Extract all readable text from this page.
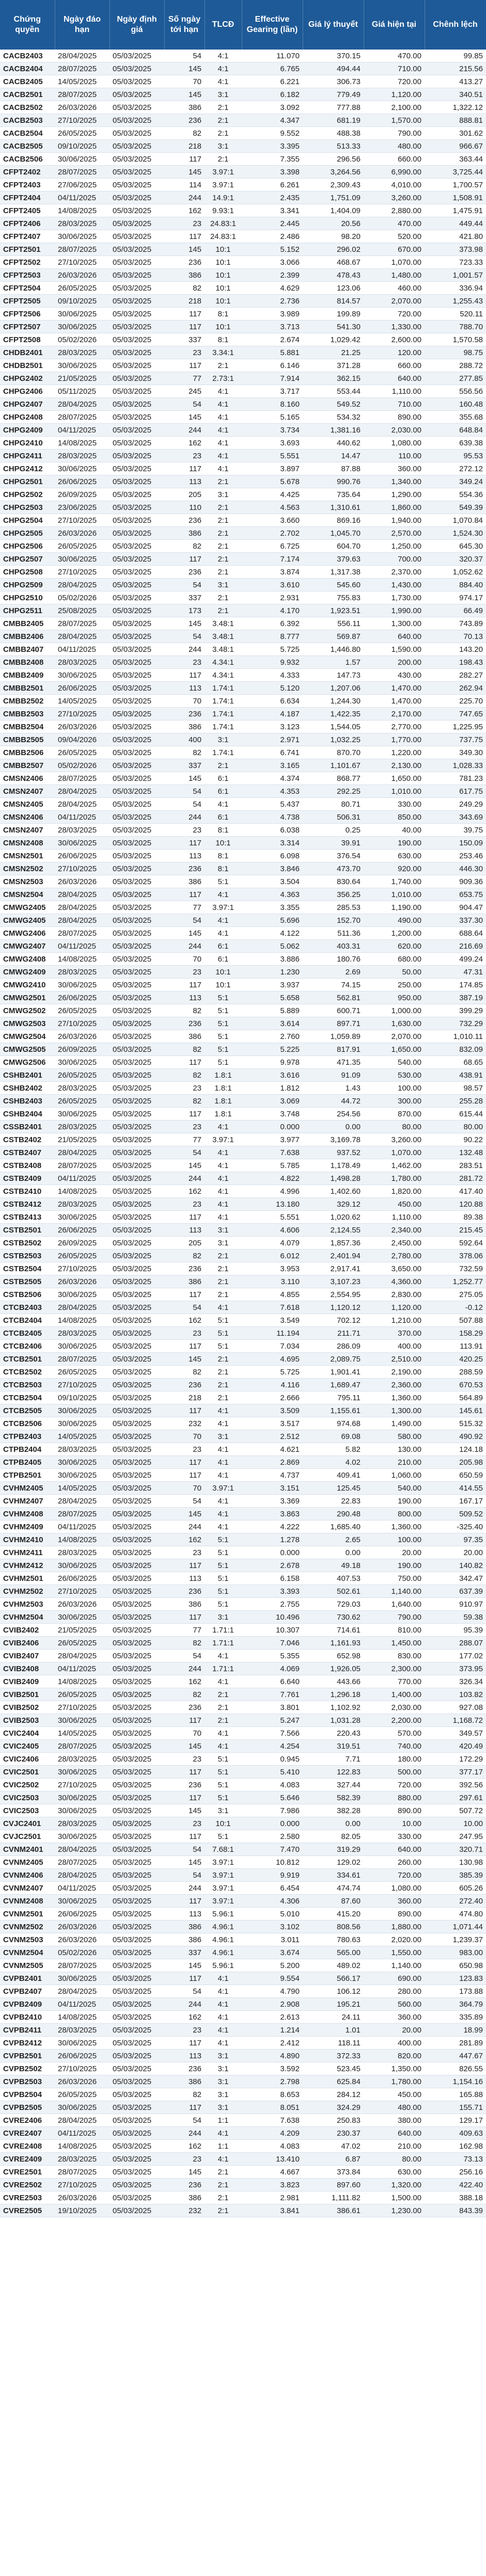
Chứng quyền	Ngày đáo hạn	Ngày định giá	Số ngày tới hạn	TLCĐ	Effective Gearing (lần)	Giá lý thuyết	Giá hiện tại	Chênh lệch
CACB2403	28/04/2025	05/03/2025	54	4:1	11.070	370.15	470.00	99.85
CACB2404	28/07/2025	05/03/2025	145	4:1	6.765	494.44	710.00	215.56
CACB2405	14/05/2025	05/03/2025	70	4:1	6.221	306.73	720.00	413.27
CACB2501	28/07/2025	05/03/2025	145	3:1	6.182	779.49	1,120.00	340.51
CACB2502	26/03/2026	05/03/2025	386	2:1	3.092	777.88	2,100.00	1,322.12
CACB2503	27/10/2025	05/03/2025	236	2:1	4.347	681.19	1,570.00	888.81
CACB2504	26/05/2025	05/03/2025	82	2:1	9.552	488.38	790.00	301.62
CACB2505	09/10/2025	05/03/2025	218	3:1	3.395	513.33	480.00	966.67
CACB2506	30/06/2025	05/03/2025	117	2:1	7.355	296.56	660.00	363.44
CFPT2402	28/07/2025	05/03/2025	145	3.97:1	3.398	3,264.56	6,990.00	3,725.44
CFPT2403	27/06/2025	05/03/2025	114	3.97:1	6.261	2,309.43	4,010.00	1,700.57
CFPT2404	04/11/2025	05/03/2025	244	14.9:1	2.435	1,751.09	3,260.00	1,508.91
CFPT2405	14/08/2025	05/03/2025	162	9.93:1	3.341	1,404.09	2,880.00	1,475.91
CFPT2406	28/03/2025	05/03/2025	23	24.83:1	2.445	20.56	470.00	449.44
CFPT2407	30/06/2025	05/03/2025	117	24.83:1	2.486	98.20	520.00	421.80
CFPT2501	28/07/2025	05/03/2025	145	10:1	5.152	296.02	670.00	373.98
CFPT2502	27/10/2025	05/03/2025	236	10:1	3.066	468.67	1,070.00	723.33
CFPT2503	26/03/2026	05/03/2025	386	10:1	2.399	478.43	1,480.00	1,001.57
CFPT2504	26/05/2025	05/03/2025	82	10:1	4.629	123.06	460.00	336.94
CFPT2505	09/10/2025	05/03/2025	218	10:1	2.736	814.57	2,070.00	1,255.43
CFPT2506	30/06/2025	05/03/2025	117	8:1	3.989	199.89	720.00	520.11
CFPT2507	30/06/2025	05/03/2025	117	10:1	3.713	541.30	1,330.00	788.70
CFPT2508	05/02/2026	05/03/2025	337	8:1	2.674	1,029.42	2,600.00	1,570.58
CHDB2401	28/03/2025	05/03/2025	23	3.34:1	5.881	21.25	120.00	98.75
CHDB2501	30/06/2025	05/03/2025	117	2:1	6.146	371.28	660.00	288.72
CHPG2402	21/05/2025	05/03/2025	77	2.73:1	7.914	362.15	640.00	277.85
CHPG2406	05/11/2025	05/03/2025	245	4:1	3.717	553.44	1,110.00	556.56
CHPG2407	28/04/2025	05/03/2025	54	4:1	8.160	549.52	710.00	160.48
CHPG2408	28/07/2025	05/03/2025	145	4:1	5.165	534.32	890.00	355.68
CHPG2409	04/11/2025	05/03/2025	244	4:1	3.734	1,381.16	2,030.00	648.84
CHPG2410	14/08/2025	05/03/2025	162	4:1	3.693	440.62	1,080.00	639.38
CHPG2411	28/03/2025	05/03/2025	23	4:1	5.551	14.47	110.00	95.53
CHPG2412	30/06/2025	05/03/2025	117	4:1	3.897	87.88	360.00	272.12
CHPG2501	26/06/2025	05/03/2025	113	2:1	5.678	990.76	1,340.00	349.24
CHPG2502	26/09/2025	05/03/2025	205	3:1	4.425	735.64	1,290.00	554.36
CHPG2503	23/06/2025	05/03/2025	110	2:1	4.563	1,310.61	1,860.00	549.39
CHPG2504	27/10/2025	05/03/2025	236	2:1	3.660	869.16	1,940.00	1,070.84
CHPG2505	26/03/2026	05/03/2025	386	2:1	2.702	1,045.70	2,570.00	1,524.30
CHPG2506	26/05/2025	05/03/2025	82	2:1	6.725	604.70	1,250.00	645.30
CHPG2507	30/06/2025	05/03/2025	117	2:1	7.174	379.63	700.00	320.37
CHPG2508	27/10/2025	05/03/2025	236	2:1	3.874	1,317.38	2,370.00	1,052.62
CHPG2509	28/04/2025	05/03/2025	54	3:1	3.610	545.60	1,430.00	884.40
CHPG2510	05/02/2026	05/03/2025	337	2:1	2.931	755.83	1,730.00	974.17
CHPG2511	25/08/2025	05/03/2025	173	2:1	4.170	1,923.51	1,990.00	66.49
CMBB2405	28/07/2025	05/03/2025	145	3.48:1	6.392	556.11	1,300.00	743.89
CMBB2406	28/04/2025	05/03/2025	54	3.48:1	8.777	569.87	640.00	70.13
CMBB2407	04/11/2025	05/03/2025	244	3.48:1	5.725	1,446.80	1,590.00	143.20
CMBB2408	28/03/2025	05/03/2025	23	4.34:1	9.932	1.57	200.00	198.43
CMBB2409	30/06/2025	05/03/2025	117	4.34:1	4.333	147.73	430.00	282.27
CMBB2501	26/06/2025	05/03/2025	113	1.74:1	5.120	1,207.06	1,470.00	262.94
CMBB2502	14/05/2025	05/03/2025	70	1.74:1	6.634	1,244.30	1,470.00	225.70
CMBB2503	27/10/2025	05/03/2025	236	1.74:1	4.187	1,422.35	2,170.00	747.65
CMBB2504	26/03/2026	05/03/2025	386	1.74:1	3.123	1,544.05	2,770.00	1,225.95
CMBB2505	09/04/2026	05/03/2025	400	3:1	2.971	1,032.25	1,770.00	737.75
CMBB2506	26/05/2025	05/03/2025	82	1.74:1	6.741	870.70	1,220.00	349.30
CMBB2507	05/02/2026	05/03/2025	337	2:1	3.165	1,101.67	2,130.00	1,028.33
CMSN2406	28/07/2025	05/03/2025	145	6:1	4.374	868.77	1,650.00	781.23
CMSN2407	28/04/2025	05/03/2025	54	6:1	4.353	292.25	1,010.00	617.75
CMSN2405	28/04/2025	05/03/2025	54	4:1	5.437	80.71	330.00	249.29
CMSN2406	04/11/2025	05/03/2025	244	6:1	4.738	506.31	850.00	343.69
CMSN2407	28/03/2025	05/03/2025	23	8:1	6.038	0.25	40.00	39.75
CMSN2408	30/06/2025	05/03/2025	117	10:1	3.314	39.91	190.00	150.09
CMSN2501	26/06/2025	05/03/2025	113	8:1	6.098	376.54	630.00	253.46
CMSN2502	27/10/2025	05/03/2025	236	8:1	3.846	473.70	920.00	446.30
CMSN2503	26/03/2026	05/03/2025	386	5:1	3.504	830.64	1,740.00	909.36
CMSN2504	28/04/2025	05/03/2025	117	4:1	4.363	356.25	1,010.00	653.75
CMWG2405	28/04/2025	05/03/2025	77	3.97:1	3.355	285.53	1,190.00	904.47
CMWG2405	28/04/2025	05/03/2025	54	4:1	5.696	152.70	490.00	337.30
CMWG2406	28/07/2025	05/03/2025	145	4:1	4.122	511.36	1,200.00	688.64
CMWG2407	04/11/2025	05/03/2025	244	6:1	5.062	403.31	620.00	216.69
CMWG2408	14/08/2025	05/03/2025	70	6:1	3.886	180.76	680.00	499.24
CMWG2409	28/03/2025	05/03/2025	23	10:1	1.230	2.69	50.00	47.31
CMWG2410	30/06/2025	05/03/2025	117	10:1	3.937	74.15	250.00	174.85
CMWG2501	26/06/2025	05/03/2025	113	5:1	5.658	562.81	950.00	387.19
CMWG2502	26/05/2025	05/03/2025	82	5:1	5.889	600.71	1,000.00	399.29
CMWG2503	27/10/2025	05/03/2025	236	5:1	3.614	897.71	1,630.00	732.29
CMWG2504	26/03/2026	05/03/2025	386	5:1	2.760	1,059.89	2,070.00	1,010.11
CMWG2505	26/09/2025	05/03/2025	82	5:1	5.225	817.91	1,650.00	832.09
CMWG2506	30/06/2025	05/03/2025	117	5:1	9.978	471.35	540.00	68.65
CSHB2401	26/05/2025	05/03/2025	82	1.8:1	3.616	91.09	530.00	438.91
CSHB2402	28/03/2025	05/03/2025	23	1.8:1	1.812	1.43	100.00	98.57
CSHB2403	26/05/2025	05/03/2025	82	1.8:1	3.069	44.72	300.00	255.28
CSHB2404	30/06/2025	05/03/2025	117	1.8:1	3.748	254.56	870.00	615.44
CSSB2401	28/03/2025	05/03/2025	23	4:1	0.000	0.00	80.00	80.00
CSTB2402	21/05/2025	05/03/2025	77	3.97:1	3.977	3,169.78	3,260.00	90.22
CSTB2407	28/04/2025	05/03/2025	54	4:1	7.638	937.52	1,070.00	132.48
CSTB2408	28/07/2025	05/03/2025	145	4:1	5.785	1,178.49	1,462.00	283.51
CSTB2409	04/11/2025	05/03/2025	244	4:1	4.822	1,498.28	1,780.00	281.72
CSTB2410	14/08/2025	05/03/2025	162	4:1	4.996	1,402.60	1,820.00	417.40
CSTB2412	28/03/2025	05/03/2025	23	4:1	13.180	329.12	450.00	120.88
CSTB2413	30/06/2025	05/03/2025	117	4:1	5.551	1,020.62	1,110.00	89.38
CSTB2501	26/06/2025	05/03/2025	113	3:1	4.606	2,124.55	2,340.00	215.45
CSTB2502	26/09/2025	05/03/2025	205	3:1	4.079	1,857.36	2,450.00	592.64
CSTB2503	26/05/2025	05/03/2025	82	2:1	6.012	2,401.94	2,780.00	378.06
CSTB2504	27/10/2025	05/03/2025	236	2:1	3.953	2,917.41	3,650.00	732.59
CSTB2505	26/03/2026	05/03/2025	386	2:1	3.110	3,107.23	4,360.00	1,252.77
CSTB2506	30/06/2025	05/03/2025	117	2:1	4.855	2,554.95	2,830.00	275.05
CTCB2403	28/04/2025	05/03/2025	54	4:1	7.618	1,120.12	1,120.00	-0.12
CTCB2404	14/08/2025	05/03/2025	162	5:1	3.549	702.12	1,210.00	507.88
CTCB2405	28/03/2025	05/03/2025	23	5:1	11.194	211.71	370.00	158.29
CTCB2406	30/06/2025	05/03/2025	117	5:1	7.034	286.09	400.00	113.91
CTCB2501	28/07/2025	05/03/2025	145	2:1	4.695	2,089.75	2,510.00	420.25
CTCB2502	26/05/2025	05/03/2025	82	2:1	5.725	1,901.41	2,190.00	288.59
CTCB2503	27/10/2025	05/03/2025	236	2:1	4.116	1,689.47	2,360.00	670.53
CTCB2504	09/10/2025	05/03/2025	218	2:1	2.666	795.11	1,360.00	564.89
CTCB2505	30/06/2025	05/03/2025	117	4:1	3.509	1,155.61	1,300.00	145.61
CTCB2506	30/06/2025	05/03/2025	232	4:1	3.517	974.68	1,490.00	515.32
CTPB2403	14/05/2025	05/03/2025	70	3:1	2.512	69.08	580.00	490.92
CTPB2404	28/03/2025	05/03/2025	23	4:1	4.621	5.82	130.00	124.18
CTPB2405	30/06/2025	05/03/2025	117	4:1	2.869	4.02	210.00	205.98
CTPB2501	30/06/2025	05/03/2025	117	4:1	4.737	409.41	1,060.00	650.59
CVHM2405	14/05/2025	05/03/2025	70	3.97:1	3.151	125.45	540.00	414.55
CVHM2407	28/04/2025	05/03/2025	54	4:1	3.369	22.83	190.00	167.17
CVHM2408	28/07/2025	05/03/2025	145	4:1	3.863	290.48	800.00	509.52
CVHM2409	04/11/2025	05/03/2025	244	4:1	4.222	1,685.40	1,360.00	-325.40
CVHM2410	14/08/2025	05/03/2025	162	5:1	1.278	2.65	100.00	97.35
CVHM2411	28/03/2025	05/03/2025	23	5:1	0.000	0.00	20.00	20.00
CVHM2412	30/06/2025	05/03/2025	117	5:1	2.678	49.18	190.00	140.82
CVHM2501	26/06/2025	05/03/2025	113	5:1	6.158	407.53	750.00	342.47
CVHM2502	27/10/2025	05/03/2025	236	5:1	3.393	502.61	1,140.00	637.39
CVHM2503	26/03/2026	05/03/2025	386	5:1	2.755	729.03	1,640.00	910.97
CVHM2504	30/06/2025	05/03/2025	117	3:1	10.496	730.62	790.00	59.38
CVIB2402	21/05/2025	05/03/2025	77	1.71:1	10.307	714.61	810.00	95.39
CVIB2406	26/05/2025	05/03/2025	82	1.71:1	7.046	1,161.93	1,450.00	288.07
CVIB2407	28/04/2025	05/03/2025	54	4:1	5.355	652.98	830.00	177.02
CVIB2408	04/11/2025	05/03/2025	244	1.71:1	4.069	1,926.05	2,300.00	373.95
CVIB2409	14/08/2025	05/03/2025	162	4:1	6.640	443.66	770.00	326.34
CVIB2501	26/05/2025	05/03/2025	82	2:1	7.761	1,296.18	1,400.00	103.82
CVIB2502	27/10/2025	05/03/2025	236	2:1	3.801	1,102.92	2,030.00	927.08
CVIB2503	30/06/2025	05/03/2025	117	2:1	5.247	1,031.28	2,200.00	1,168.72
CVIC2404	14/05/2025	05/03/2025	70	4:1	7.566	220.43	570.00	349.57
CVIC2405	28/07/2025	05/03/2025	145	4:1	4.254	319.51	740.00	420.49
CVIC2406	28/03/2025	05/03/2025	23	5:1	0.945	7.71	180.00	172.29
CVIC2501	30/06/2025	05/03/2025	117	5:1	5.410	122.83	500.00	377.17
CVIC2502	27/10/2025	05/03/2025	236	5:1	4.083	327.44	720.00	392.56
CVIC2503	30/06/2025	05/03/2025	117	5:1	5.646	582.39	880.00	297.61
CVIC2503	30/06/2025	05/03/2025	145	3:1	7.986	382.28	890.00	507.72
CVJC2401	28/03/2025	05/03/2025	23	10:1	0.000	0.00	10.00	10.00
CVJC2501	30/06/2025	05/03/2025	117	5:1	2.580	82.05	330.00	247.95
CVNM2401	28/04/2025	05/03/2025	54	7.68:1	7.470	319.29	640.00	320.71
CVNM2405	28/07/2025	05/03/2025	145	3.97:1	10.812	129.02	260.00	130.98
CVNM2406	28/04/2025	05/03/2025	54	3.97:1	9.919	334.61	720.00	385.39
CVNM2407	04/11/2025	05/03/2025	244	3.97:1	6.454	474.74	1,080.00	605.26
CVNM2408	30/06/2025	05/03/2025	117	3.97:1	4.306	87.60	360.00	272.40
CVNM2501	26/06/2025	05/03/2025	113	5.96:1	5.010	415.20	890.00	474.80
CVNM2502	26/03/2026	05/03/2025	386	4.96:1	3.102	808.56	1,880.00	1,071.44
CVNM2503	26/03/2026	05/03/2025	386	4.96:1	3.011	780.63	2,020.00	1,239.37
CVNM2504	05/02/2026	05/03/2025	337	4.96:1	3.674	565.00	1,550.00	983.00
CVNM2505	28/07/2025	05/03/2025	145	5.96:1	5.200	489.02	1,140.00	650.98
CVPB2401	30/06/2025	05/03/2025	117	4:1	9.554	566.17	690.00	123.83
CVPB2407	28/04/2025	05/03/2025	54	4:1	4.790	106.12	280.00	173.88
CVPB2409	04/11/2025	05/03/2025	244	4:1	2.908	195.21	560.00	364.79
CVPB2410	14/08/2025	05/03/2025	162	4:1	2.613	24.11	360.00	335.89
CVPB2411	28/03/2025	05/03/2025	23	4:1	1.214	1.01	20.00	18.99
CVPB2412	30/06/2025	05/03/2025	117	4:1	2.412	118.11	400.00	281.89
CVPB2501	26/06/2025	05/03/2025	113	3:1	4.890	372.33	820.00	447.67
CVPB2502	27/10/2025	05/03/2025	236	3:1	3.592	523.45	1,350.00	826.55
CVPB2503	26/03/2026	05/03/2025	386	3:1	2.798	625.84	1,780.00	1,154.16
CVPB2504	26/05/2025	05/03/2025	82	3:1	8.653	284.12	450.00	165.88
CVPB2505	30/06/2025	05/03/2025	117	3:1	8.051	324.29	480.00	155.71
CVRE2406	28/04/2025	05/03/2025	54	1:1	7.638	250.83	380.00	129.17
CVRE2407	04/11/2025	05/03/2025	244	4:1	4.209	230.37	640.00	409.63
CVRE2408	14/08/2025	05/03/2025	162	1:1	4.083	47.02	210.00	162.98
CVRE2409	28/03/2025	05/03/2025	23	4:1	13.410	6.87	80.00	73.13
CVRE2501	28/07/2025	05/03/2025	145	2:1	4.667	373.84	630.00	256.16
CVRE2502	27/10/2025	05/03/2025	236	2:1	3.823	897.60	1,320.00	422.40
CVRE2503	26/03/2026	05/03/2025	386	2:1	2.981	1,111.82	1,500.00	388.18
CVRE2505	19/10/2025	05/03/2025	232	2:1	3.841	386.61	1,230.00	843.39
